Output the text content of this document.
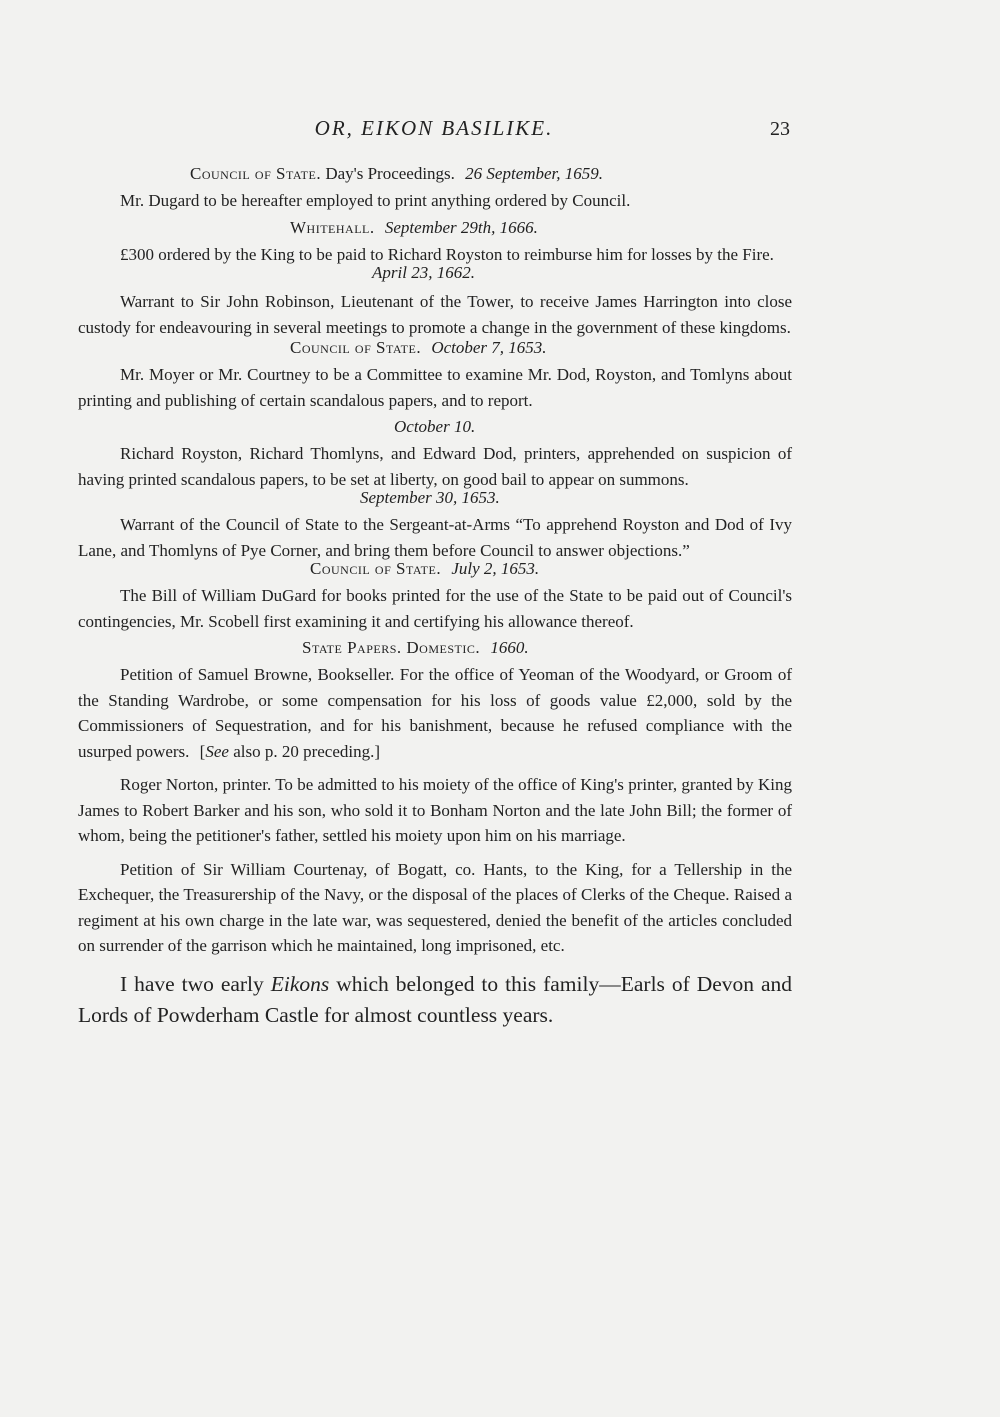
OR, EIKON BASILIKE.	23
Council of State. Day's Proceedings. 26 September, 1659.

Mr. Dugard to be hereafter employed to print anything ordered by Council.

Whitehall. September 29th, 1666.

£300 ordered by the King to be paid to Richard Royston to reimburse him for losses by the Fire.

April 23, 1662.

Warrant to Sir John Robinson, Lieutenant of the Tower, to receive James Harrington into close custody for endeavouring in several meetings to promote a change in the government of these kingdoms.

Council of State. October 7, 1653.

Mr. Moyer or Mr. Courtney to be a Committee to examine Mr. Dod, Royston, and Tomlyns about printing and publishing of certain scandalous papers, and to report.

October 10.

Richard Royston, Richard Thomlyns, and Edward Dod, printers, apprehended on suspicion of having printed scandalous papers, to be set at liberty, on good bail to appear on summons.

September 30, 1653.

Warrant of the Council of State to the Sergeant-at-Arms “To apprehend Royston and Dod of Ivy Lane, and Thomlyns of Pye Corner, and bring them before Council to answer objections.”

Council of State. July 2, 1653.

The Bill of William DuGard for books printed for the use of the State to be paid out of Council's contingencies, Mr. Scobell first examining it and certifying his allowance thereof.

State Papers. Domestic. 1660.

Petition of Samuel Browne, Bookseller. For the office of Yeoman of the Woodyard, or Groom of the Standing Wardrobe, or some compensation for his loss of goods value £2,000, sold by the Commissioners of Sequestration, and for his banishment, because he refused compliance with the usurped powers. [See also p. 20 preceding.]

Roger Norton, printer. To be admitted to his moiety of the office of King's printer, granted by King James to Robert Barker and his son, who sold it to Bonham Norton and the late John Bill; the former of whom, being the petitioner's father, settled his moiety upon him on his marriage.

Petition of Sir William Courtenay, of Bogatt, co. Hants, to the King, for a Tellership in the Exchequer, the Treasurership of the Navy, or the disposal of the places of Clerks of the Cheque. Raised a regiment at his own charge in the late war, was sequestered, denied the benefit of the articles concluded on surrender of the garrison which he maintained, long imprisoned, etc.

I have two early Eikons which belonged to this family—Earls of Devon and Lords of Powderham Castle for almost countless years.
